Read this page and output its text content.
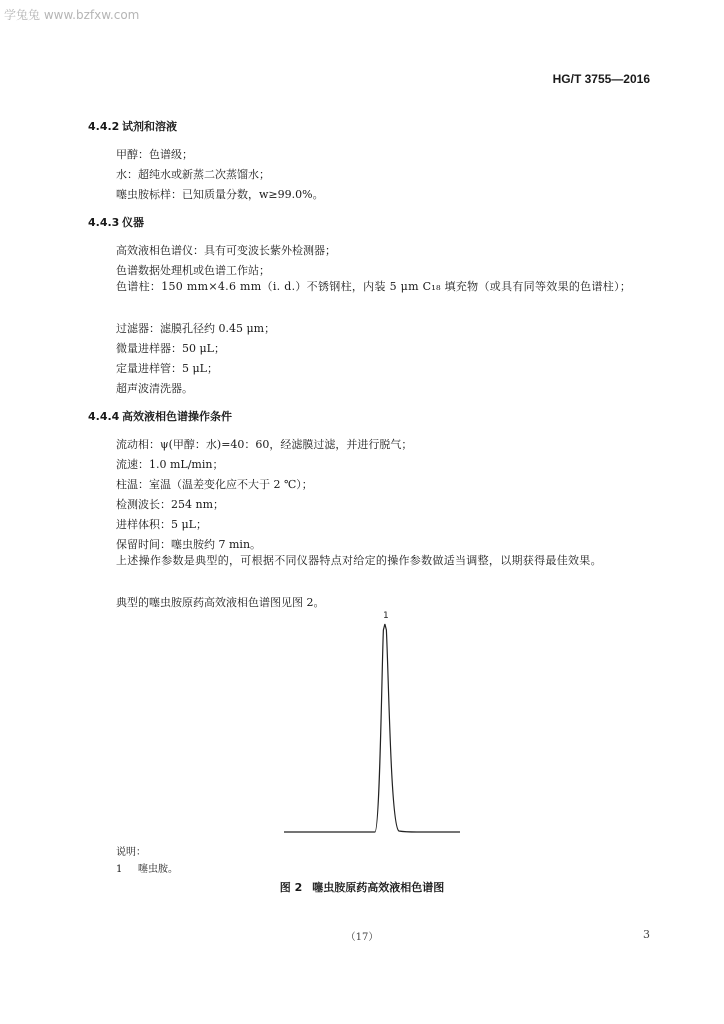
学兔兔 www.bzfxw.com
HG/T 3755—2016
4.4.2 试剂和溶液
甲醇：色谱级；
水：超纯水或新蒸二次蒸馏水；
噻虫胺标样：已知质量分数，w≥99.0%。
4.4.3 仪器
高效液相色谱仪：具有可变波长紫外检测器；
色谱数据处理机或色谱工作站；
色谱柱：150 mm×4.6 mm（i. d.）不锈钢柱，内装 5 μm C₁₈ 填充物（或具有同等效果的色谱柱）；
过滤器：滤膜孔径约 0.45 μm；
微量进样器：50 μL；
定量进样管：5 μL；
超声波清洗器。
4.4.4 高效液相色谱操作条件
流动相：ψ(甲醇：水)=40：60，经滤膜过滤，并进行脱气；
流速：1.0 mL/min；
柱温：室温（温差变化应不大于 2 ℃）；
检测波长：254 nm；
进样体积：5 μL；
保留时间：噻虫胺约 7 min。
上述操作参数是典型的，可根据不同仪器特点对给定的操作参数做适当调整，以期获得最佳效果。
典型的噻虫胺原药高效液相色谱图见图 2。
1
说明：
1 噻虫胺。
图 2 噻虫胺原药高效液相色谱图
（17）	3
